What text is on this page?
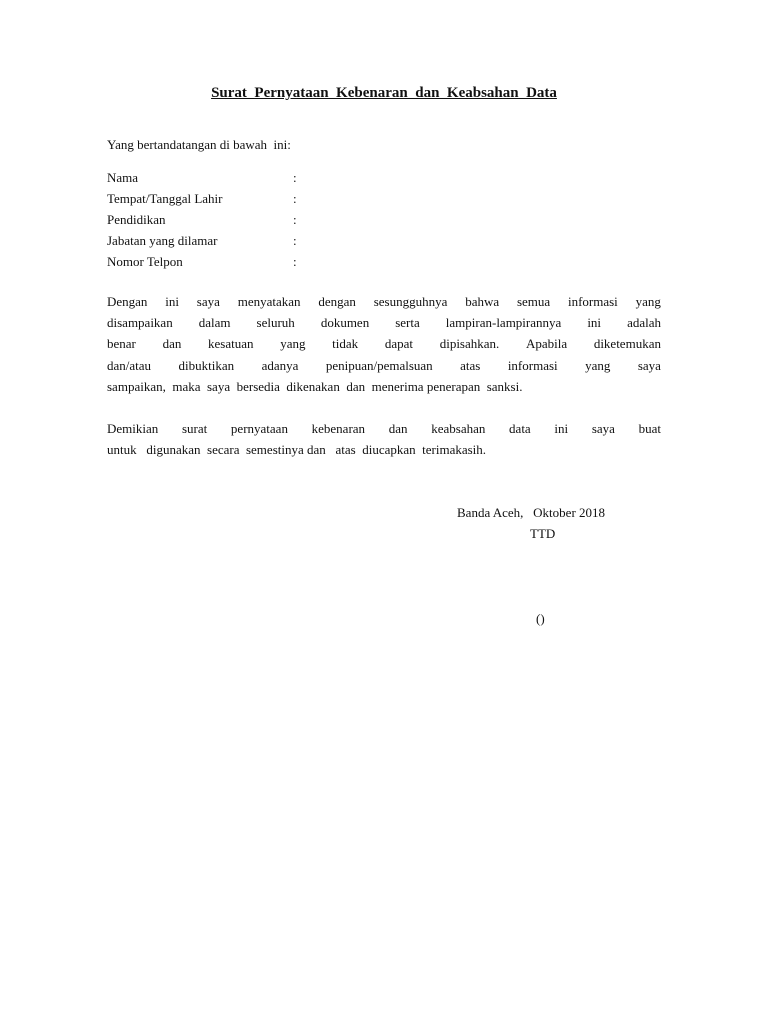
Surat  Pernyataan  Kebenaran  dan  Keabsahan  Data
Yang bertandatangan di bawah  ini:
Nama	:
Tempat/Tanggal Lahir	:
Pendidikan	:
Jabatan yang dilamar	:
Nomor Telpon	:
Dengan ini saya menyatakan dengan sesungguhnya bahwa semua informasi yang
disampaikan dalam seluruh dokumen serta lampiran-lampirannya ini adalah
benar dan kesatuan yang tidak dapat dipisahkan. Apabila diketemukan
dan/atau dibuktikan adanya penipuan/pemalsuan atas informasi yang saya
sampaikan,  maka  saya  bersedia  dikenakan  dan  menerima penerapan  sanksi.
Demikian surat pernyataan kebenaran dan keabsahan data ini saya buat
untuk   digunakan  secara  semestinya dan   atas  diucapkan  terimakasih.
Banda Aceh,   Oktober 2018
TTD
()
